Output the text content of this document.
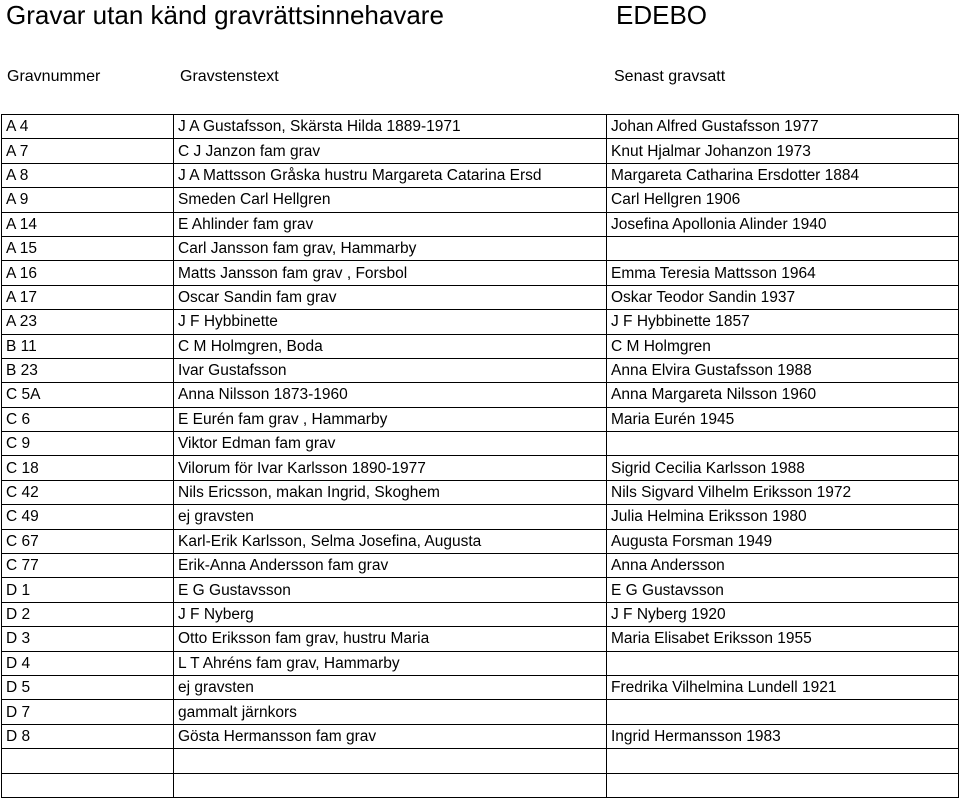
Gravar utan känd gravrättsinnehavare	EDEBO
Gravnummer	Gravstenstext	Senast gravsatt
A 4	J A Gustafsson, Skärsta Hilda 1889-1971	Johan Alfred Gustafsson 1977
A 7	C J Janzon fam grav	Knut Hjalmar Johanzon 1973
A 8	J A Mattsson Gråska hustru Margareta Catarina Ersd	Margareta Catharina Ersdotter 1884
A 9	Smeden Carl Hellgren	Carl Hellgren 1906
A 14	E Ahlinder fam grav	Josefina Apollonia Alinder 1940
A 15	Carl Jansson fam grav, Hammarby	
A 16	Matts Jansson fam grav , Forsbol	Emma Teresia Mattsson 1964
A 17	Oscar Sandin fam grav	Oskar Teodor Sandin 1937
A 23	J F Hybbinette	J F Hybbinette 1857
B 11	C M Holmgren, Boda	C M Holmgren
B 23	Ivar Gustafsson	Anna Elvira Gustafsson 1988
C 5A	Anna Nilsson 1873-1960	Anna Margareta Nilsson 1960
C 6	E Eurén fam grav , Hammarby	Maria Eurén 1945
C 9	Viktor Edman fam grav	
C 18	Vilorum för Ivar Karlsson 1890-1977	Sigrid Cecilia Karlsson 1988
C 42	Nils Ericsson, makan Ingrid, Skoghem	Nils Sigvard Vilhelm Eriksson 1972
C 49	ej gravsten	Julia Helmina Eriksson 1980
C 67	Karl-Erik Karlsson, Selma Josefina, Augusta	Augusta Forsman 1949
C 77	Erik-Anna Andersson fam grav	Anna Andersson
D 1	E G Gustavsson	E G Gustavsson
D 2	J F Nyberg	J F Nyberg 1920
D 3	Otto Eriksson fam grav, hustru Maria	Maria Elisabet Eriksson 1955
D 4	L T Ahréns fam grav, Hammarby	
D 5	ej gravsten	Fredrika Vilhelmina Lundell 1921
D 7	gammalt järnkors	
D 8	Gösta Hermansson fam grav	Ingrid Hermansson 1983
